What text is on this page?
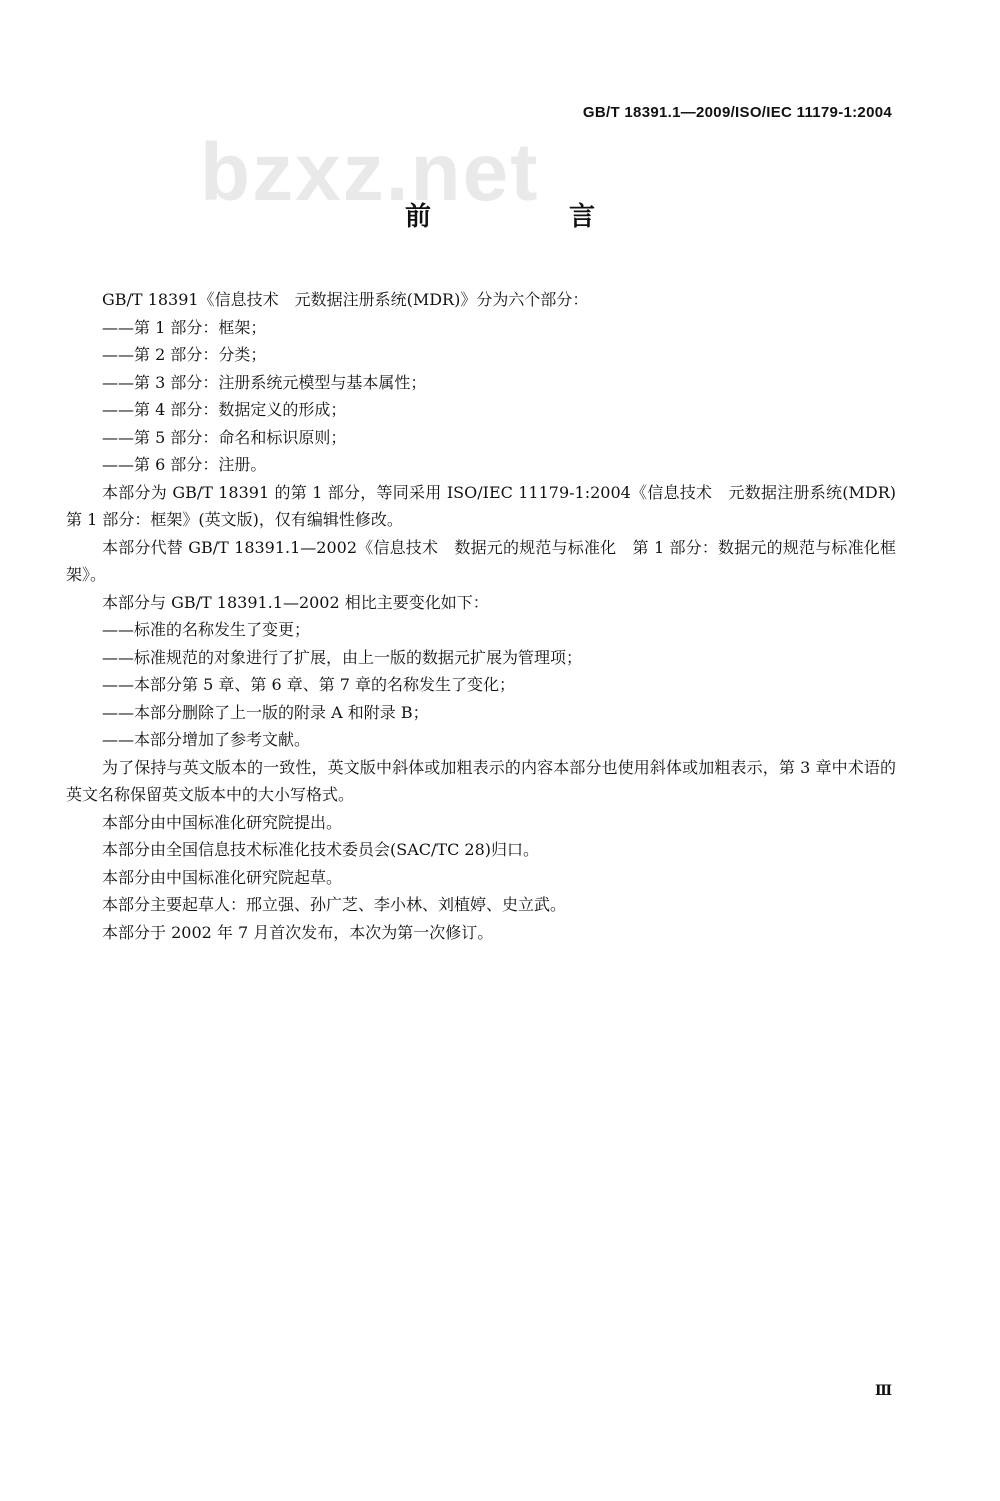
GB/T 18391.1—2009/ISO/IEC 11179-1:2004
bzxz.net
前　言

GB/T 18391《信息技术　元数据注册系统(MDR)》分为六个部分：

——第 1 部分：框架；

——第 2 部分：分类；

——第 3 部分：注册系统元模型与基本属性；

——第 4 部分：数据定义的形成；

——第 5 部分：命名和标识原则；

——第 6 部分：注册。

本部分为 GB/T 18391 的第 1 部分，等同采用 ISO/IEC 11179-1:2004《信息技术　元数据注册系统(MDR)　第 1 部分：框架》(英文版)，仅有编辑性修改。

本部分代替 GB/T 18391.1—2002《信息技术　数据元的规范与标准化　第 1 部分：数据元的规范与标准化框架》。

本部分与 GB/T 18391.1—2002 相比主要变化如下：

——标准的名称发生了变更；

——标准规范的对象进行了扩展，由上一版的数据元扩展为管理项；

——本部分第 5 章、第 6 章、第 7 章的名称发生了变化；

——本部分删除了上一版的附录 A 和附录 B；

——本部分增加了参考文献。

为了保持与英文版本的一致性，英文版中斜体或加粗表示的内容本部分也使用斜体或加粗表示，第 3 章中术语的英文名称保留英文版本中的大小写格式。

本部分由中国标准化研究院提出。

本部分由全国信息技术标准化技术委员会(SAC/TC 28)归口。

本部分由中国标准化研究院起草。

本部分主要起草人：邢立强、孙广芝、李小林、刘植婷、史立武。

本部分于 2002 年 7 月首次发布，本次为第一次修订。

Ⅲ
